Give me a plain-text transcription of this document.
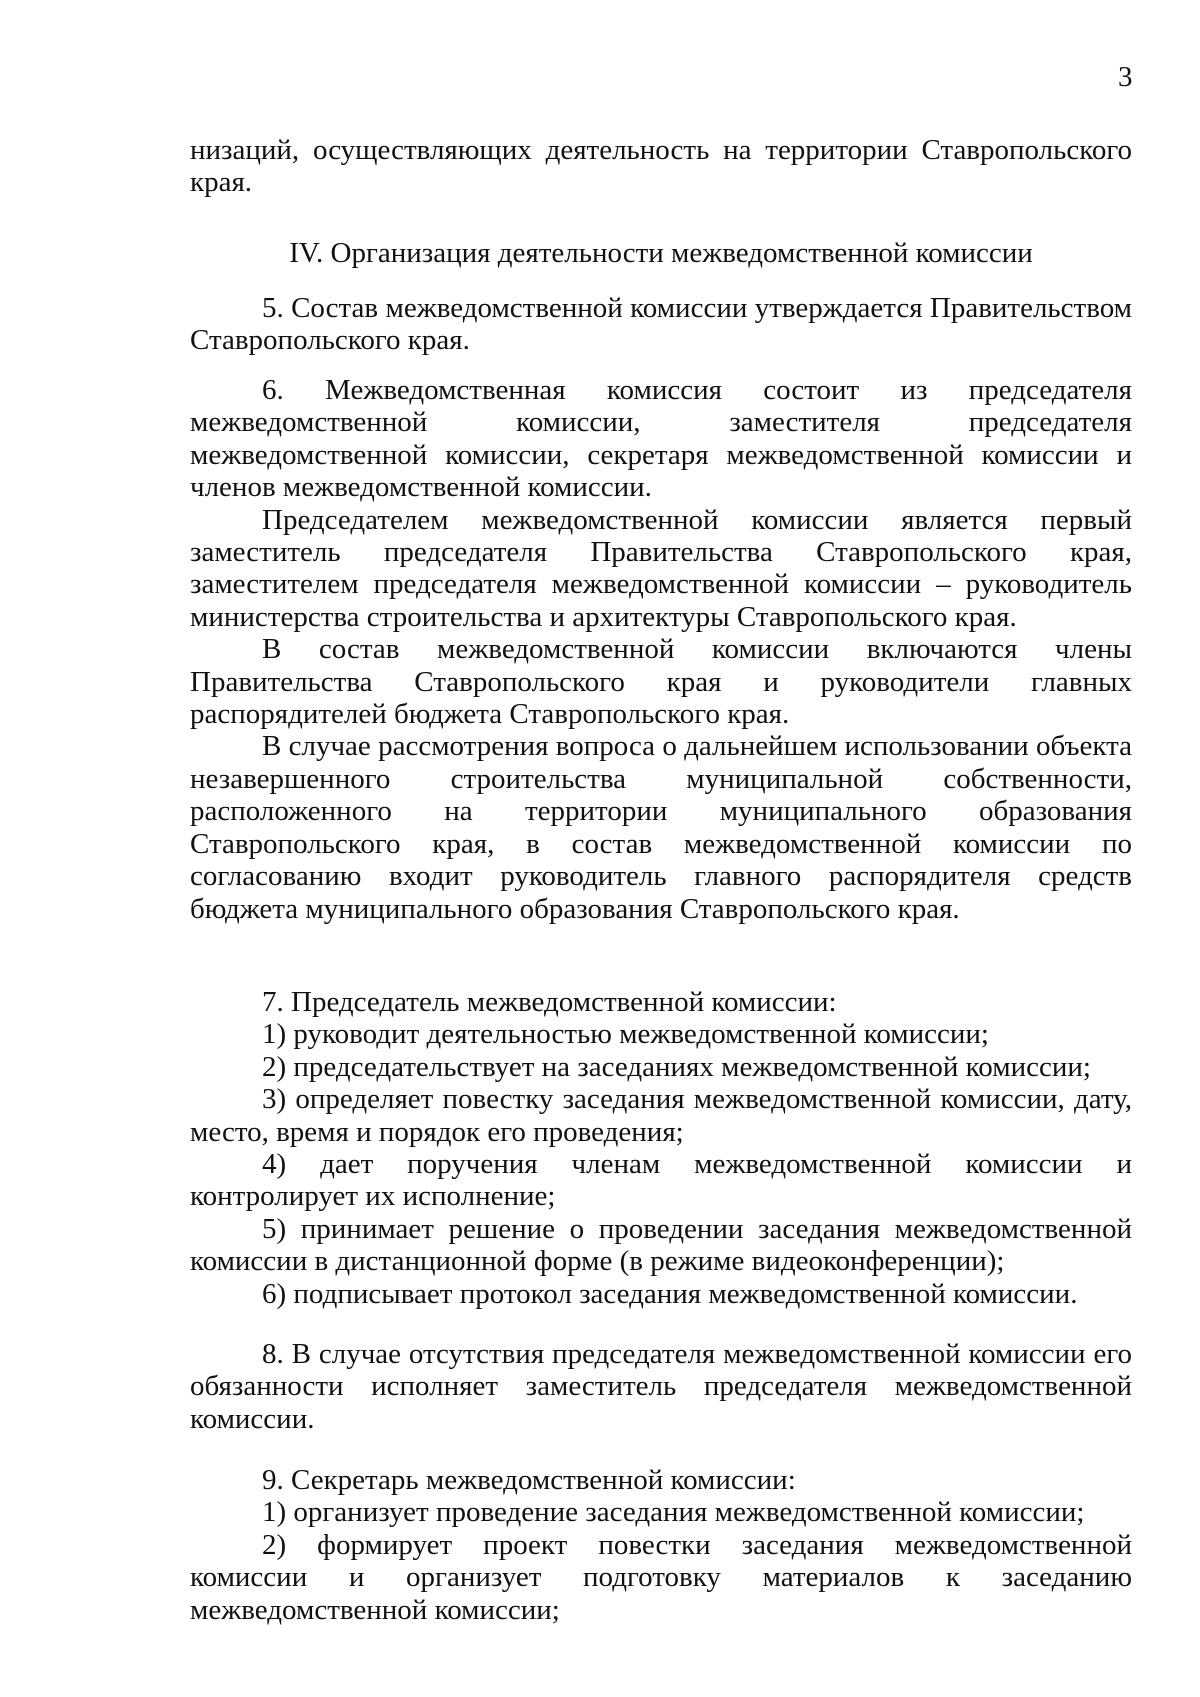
3

низаций, осуществляющих деятельность на территории Ставропольского края.

IV. Организация деятельности межведомственной комиссии

5. Состав межведомственной комиссии утверждается Правительством Ставропольского края.

6. Межведомственная комиссия состоит из председателя межведомственной комиссии, заместителя председателя межведомственной комиссии, секретаря межведомственной комиссии и членов межведомственной комиссии.

Председателем межведомственной комиссии является первый заместитель председателя Правительства Ставропольского края, заместителем председателя межведомственной комиссии – руководитель министерства строительства и архитектуры Ставропольского края.

В состав межведомственной комиссии включаются члены Правительства Ставропольского края и руководители главных распорядителей бюджета Ставропольского края.

В случае рассмотрения вопроса о дальнейшем использовании объекта незавершенного строительства муниципальной собственности, расположенного на территории муниципального образования Ставропольского края, в состав межведомственной комиссии по согласованию входит руководитель главного распорядителя средств бюджета муниципального образования Ставропольского края.

7. Председатель межведомственной комиссии:

1) руководит деятельностью межведомственной комиссии;

2) председательствует на заседаниях межведомственной комиссии;

3) определяет повестку заседания межведомственной комиссии, дату, место, время и порядок его проведения;

4) дает поручения членам межведомственной комиссии и контролирует их исполнение;

5) принимает решение о проведении заседания межведомственной комиссии в дистанционной форме (в режиме видеоконференции);

6) подписывает протокол заседания межведомственной комиссии.

8. В случае отсутствия председателя межведомственной комиссии его обязанности исполняет заместитель председателя межведомственной комиссии.

9. Секретарь межведомственной комиссии:

1) организует проведение заседания межведомственной комиссии;

2) формирует проект повестки заседания межведомственной комиссии и организует подготовку материалов к заседанию межведомственной комиссии;
